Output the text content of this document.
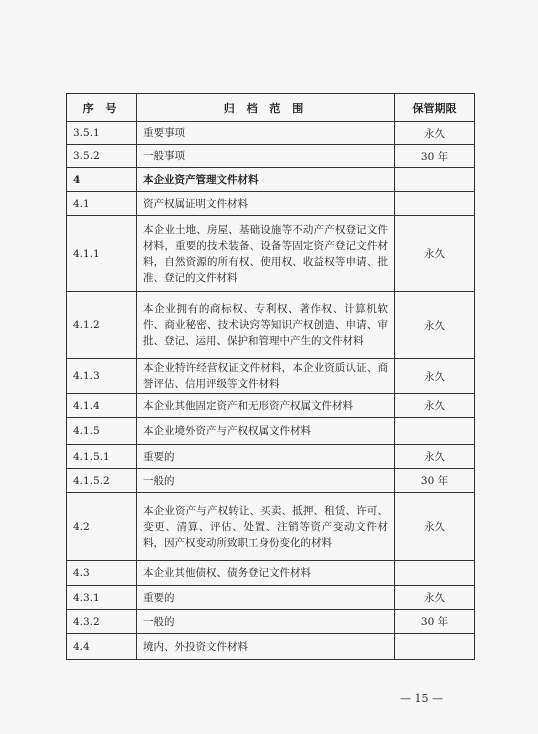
序 号	归 档 范 围	保管期限
3.5.1	重要事项	永久
3.5.2	一般事项	30 年
4	本企业资产管理文件材料	
4.1	资产权属证明文件材料	
4.1.1	本企业土地、房屋、基础设施等不动产产权登记文件材料，重要的技术装备、设备等固定资产登记文件材料，自然资源的所有权、使用权、收益权等申请、批准、登记的文件材料	永久
4.1.2	本企业拥有的商标权、专利权、著作权、计算机软件、商业秘密、技术诀窍等知识产权创造、申请、审批、登记、运用、保护和管理中产生的文件材料	永久
4.1.3	本企业特许经营权证文件材料，本企业资质认证、商誉评估、信用评级等文件材料	永久
4.1.4	本企业其他固定资产和无形资产权属文件材料	永久
4.1.5	本企业境外资产与产权权属文件材料	
4.1.5.1	重要的	永久
4.1.5.2	一般的	30 年
4.2	本企业资产与产权转让、买卖、抵押、租赁、许可、变更、清算、评估、处置、注销等资产变动文件材料，因产权变动所致职工身份变化的材料	永久
4.3	本企业其他债权、债务登记文件材料	
4.3.1	重要的	永久
4.3.2	一般的	30 年
4.4	境内、外投资文件材料	
— 15 —
